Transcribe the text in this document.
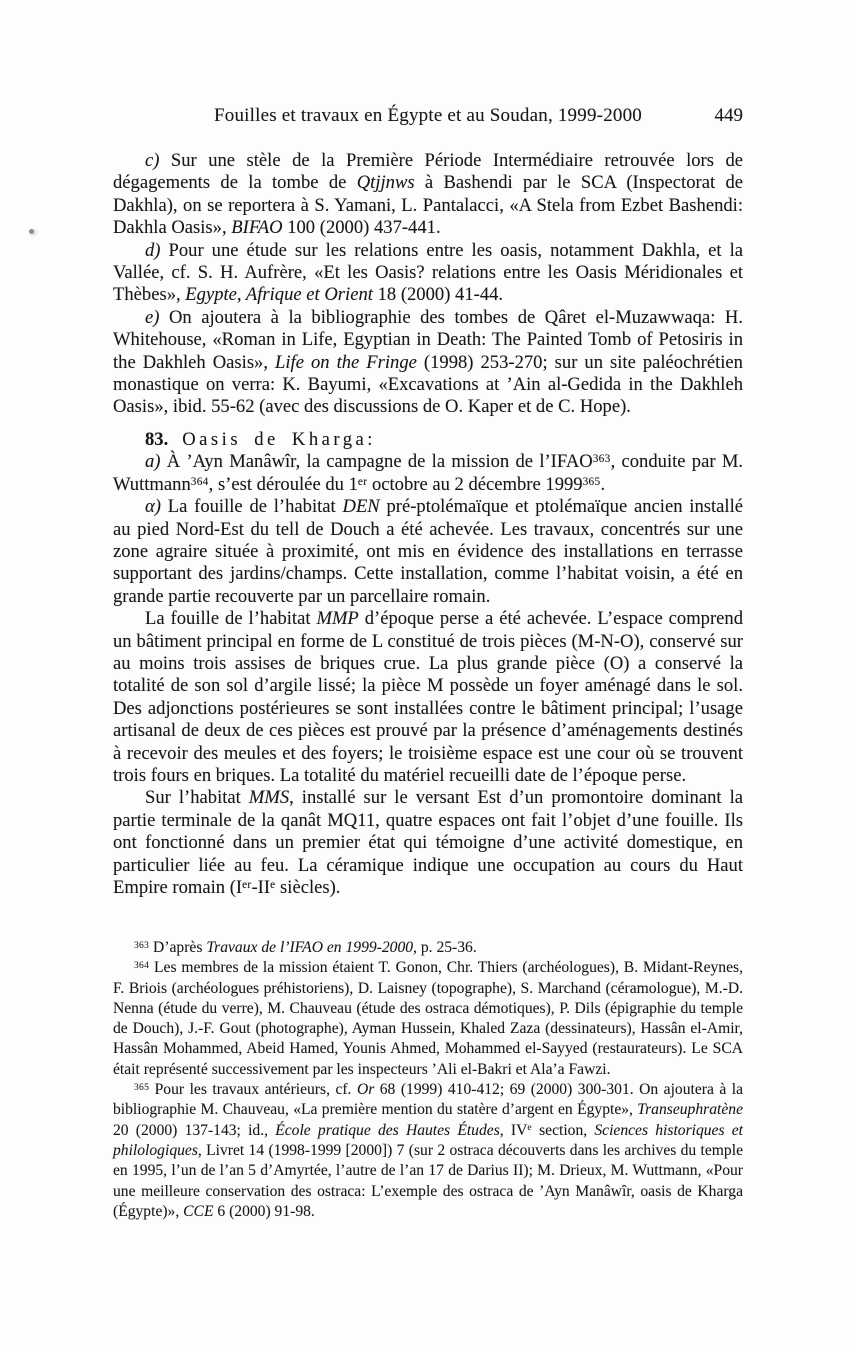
Fouilles et travaux en Égypte et au Soudan, 1999-2000	449

c) Sur une stèle de la Première Période Intermédiaire retrouvée lors de dégagements de la tombe de Qtjjnws à Bashendi par le SCA (Inspectorat de Dakhla), on se reportera à S. Yamani, L. Pantalacci, «A Stela from Ezbet Bashendi: Dakhla Oasis», BIFAO 100 (2000) 437-441.

d) Pour une étude sur les relations entre les oasis, notamment Dakhla, et la Vallée, cf. S. H. Aufrère, «Et les Oasis? relations entre les Oasis Méridionales et Thèbes», Egypte, Afrique et Orient 18 (2000) 41-44.

e) On ajoutera à la bibliographie des tombes de Qâret el-Muzawwaqa: H. Whitehouse, «Roman in Life, Egyptian in Death: The Painted Tomb of Petosiris in the Dakhleh Oasis», Life on the Fringe (1998) 253-270; sur un site paléochrétien monastique on verra: K. Bayumi, «Excavations at ’Ain al-Gedida in the Dakhleh Oasis», ibid. 55-62 (avec des discussions de O. Kaper et de C. Hope).

83. Oasis de Kharga:

a) À ’Ayn Manâwîr, la campagne de la mission de l’IFAO$^{363}$, conduite par M. Wuttmann$^{364}$, s’est déroulée du 1er octobre au 2 décembre 1999$^{365}$.

α) La fouille de l’habitat DEN pré-ptolémaïque et ptolémaïque ancien installé au pied Nord-Est du tell de Douch a été achevée. Les travaux, concentrés sur une zone agraire située à proximité, ont mis en évidence des installations en terrasse supportant des jardins/champs. Cette installation, comme l’habitat voisin, a été en grande partie recouverte par un parcellaire romain.

La fouille de l’habitat MMP d’époque perse a été achevée. L’espace comprend un bâtiment principal en forme de L constitué de trois pièces (M-N-O), conservé sur au moins trois assises de briques crue. La plus grande pièce (O) a conservé la totalité de son sol d’argile lissé; la pièce M possède un foyer aménagé dans le sol. Des adjonctions postérieures se sont installées contre le bâtiment principal; l’usage artisanal de deux de ces pièces est prouvé par la présence d’aménagements destinés à recevoir des meules et des foyers; le troisième espace est une cour où se trouvent trois fours en briques. La totalité du matériel recueilli date de l’époque perse.

Sur l’habitat MMS, installé sur le versant Est d’un promontoire dominant la partie terminale de la qanât MQ11, quatre espaces ont fait l’objet d’une fouille. Ils ont fonctionné dans un premier état qui témoigne d’une activité domestique, en particulier liée au feu. La céramique indique une occupation au cours du Haut Empire romain (Ier-IIe siècles).

$^{363}$ D’après Travaux de l’IFAO en 1999-2000, p. 25-36.

$^{364}$ Les membres de la mission étaient T. Gonon, Chr. Thiers (archéologues), B. Midant-Reynes, F. Briois (archéologues préhistoriens), D. Laisney (topographe), S. Marchand (céramologue), M.-D. Nenna (étude du verre), M. Chauveau (étude des ostraca démotiques), P. Dils (épigraphie du temple de Douch), J.-F. Gout (photographe), Ayman Hussein, Khaled Zaza (dessinateurs), Hassân el-Amir, Hassân Mohammed, Abeid Hamed, Younis Ahmed, Mohammed el-Sayyed (restaurateurs). Le SCA était représenté successivement par les inspecteurs ’Ali el-Bakri et Ala’a Fawzi.

$^{365}$ Pour les travaux antérieurs, cf. Or 68 (1999) 410-412; 69 (2000) 300-301. On ajoutera à la bibliographie M. Chauveau, «La première mention du statère d’argent en Égypte», Transeuphratène 20 (2000) 137-143; id., École pratique des Hautes Études, IVe section, Sciences historiques et philologiques, Livret 14 (1998-1999 [2000]) 7 (sur 2 ostraca découverts dans les archives du temple en 1995, l’un de l’an 5 d’Amyrtée, l’autre de l’an 17 de Darius II); M. Drieux, M. Wuttmann, «Pour une meilleure conservation des ostraca: L’exemple des ostraca de ’Ayn Manâwîr, oasis de Kharga (Égypte)», CCE 6 (2000) 91-98.
